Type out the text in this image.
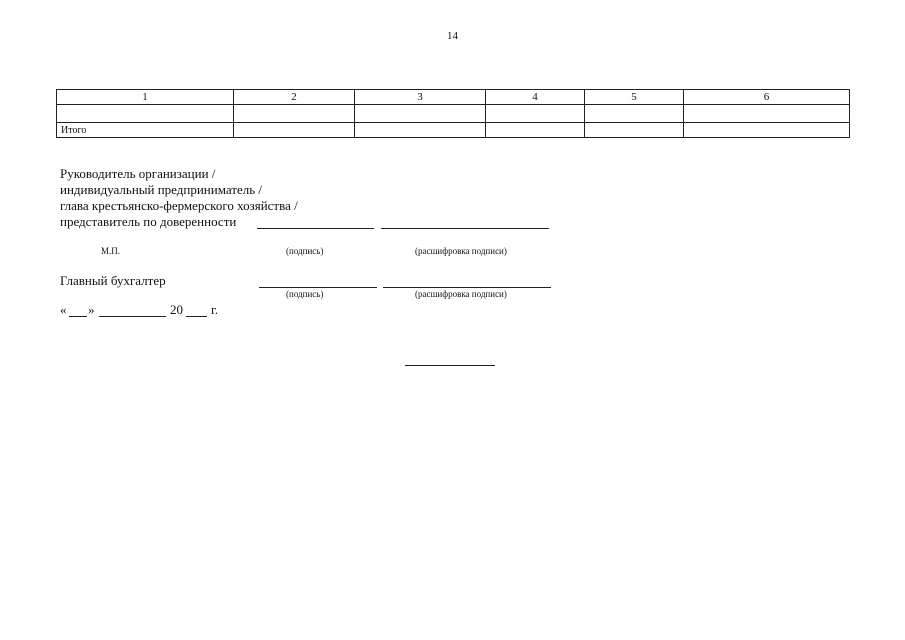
14
1	2	3	4	5	6

Итого					
Руководитель организации /
индивидуальный предприниматель /
глава крестьянско-фермерского хозяйства /
представитель по доверенности
М.П.	(подпись)	(расшифровка подписи)
Главный бухгалтер
(подпись)	(расшифровка подписи)
« »	20 г.
